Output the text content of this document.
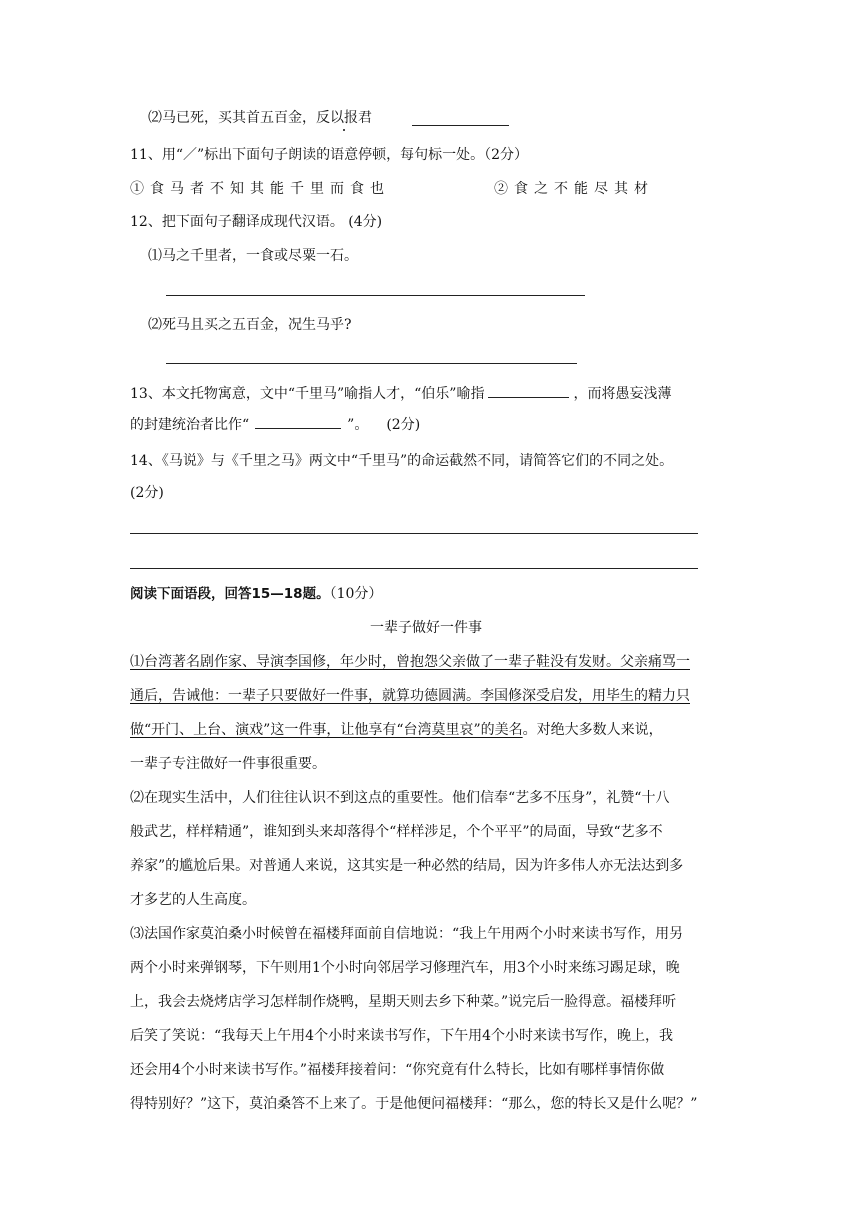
⑵马已死，买其首五百金，反以报君
11、用“／”标出下面句子朗读的语意停顿，每句标一处。（2分）
①食马者不知其能千里而食也	②食之不能尽其材
12、把下面句子翻译成现代汉语。 (4分)
⑴马之千里者，一食或尽粟一石。
⑵死马且买之五百金，况生马乎?
13、本文托物寓意，文中“千里马”喻指人才，“伯乐”喻指	，而将愚妄浅薄
的封建统治者比作“	”。 (2分)
14、《马说》与《千里之马》两文中“千里马”的命运截然不同，请简答它们的不同之处。
(2分)
阅读下面语段，回答15—18题。（10分）
一辈子做好一件事
⑴台湾著名剧作家、导演李国修，年少时，曾抱怨父亲做了一辈子鞋没有发财。父亲痛骂一
通后，告诫他：一辈子只要做好一件事，就算功德圆满。李国修深受启发，用毕生的精力只
做“开门、上台、演戏”这一件事，让他享有“台湾莫里哀”的美名。对绝大多数人来说，
一辈子专注做好一件事很重要。
⑵在现实生活中，人们往往认识不到这点的重要性。他们信奉“艺多不压身”，礼赞“十八
般武艺，样样精通”，谁知到头来却落得个“样样涉足，个个平平”的局面，导致“艺多不
养家”的尴尬后果。对普通人来说，这其实是一种必然的结局，因为许多伟人亦无法达到多
才多艺的人生高度。
⑶法国作家莫泊桑小时候曾在福楼拜面前自信地说：“我上午用两个小时来读书写作，用另
两个小时来弹钢琴，下午则用1个小时向邻居学习修理汽车，用3个小时来练习踢足球，晚
上，我会去烧烤店学习怎样制作烧鸭，星期天则去乡下种菜。”说完后一脸得意。福楼拜听
后笑了笑说：“我每天上午用4个小时来读书写作，下午用4个小时来读书写作，晚上，我
还会用4个小时来读书写作。”福楼拜接着问：“你究竟有什么特长，比如有哪样事情你做
得特别好？”这下，莫泊桑答不上来了。于是他便问福楼拜：“那么，您的特长又是什么呢？”
